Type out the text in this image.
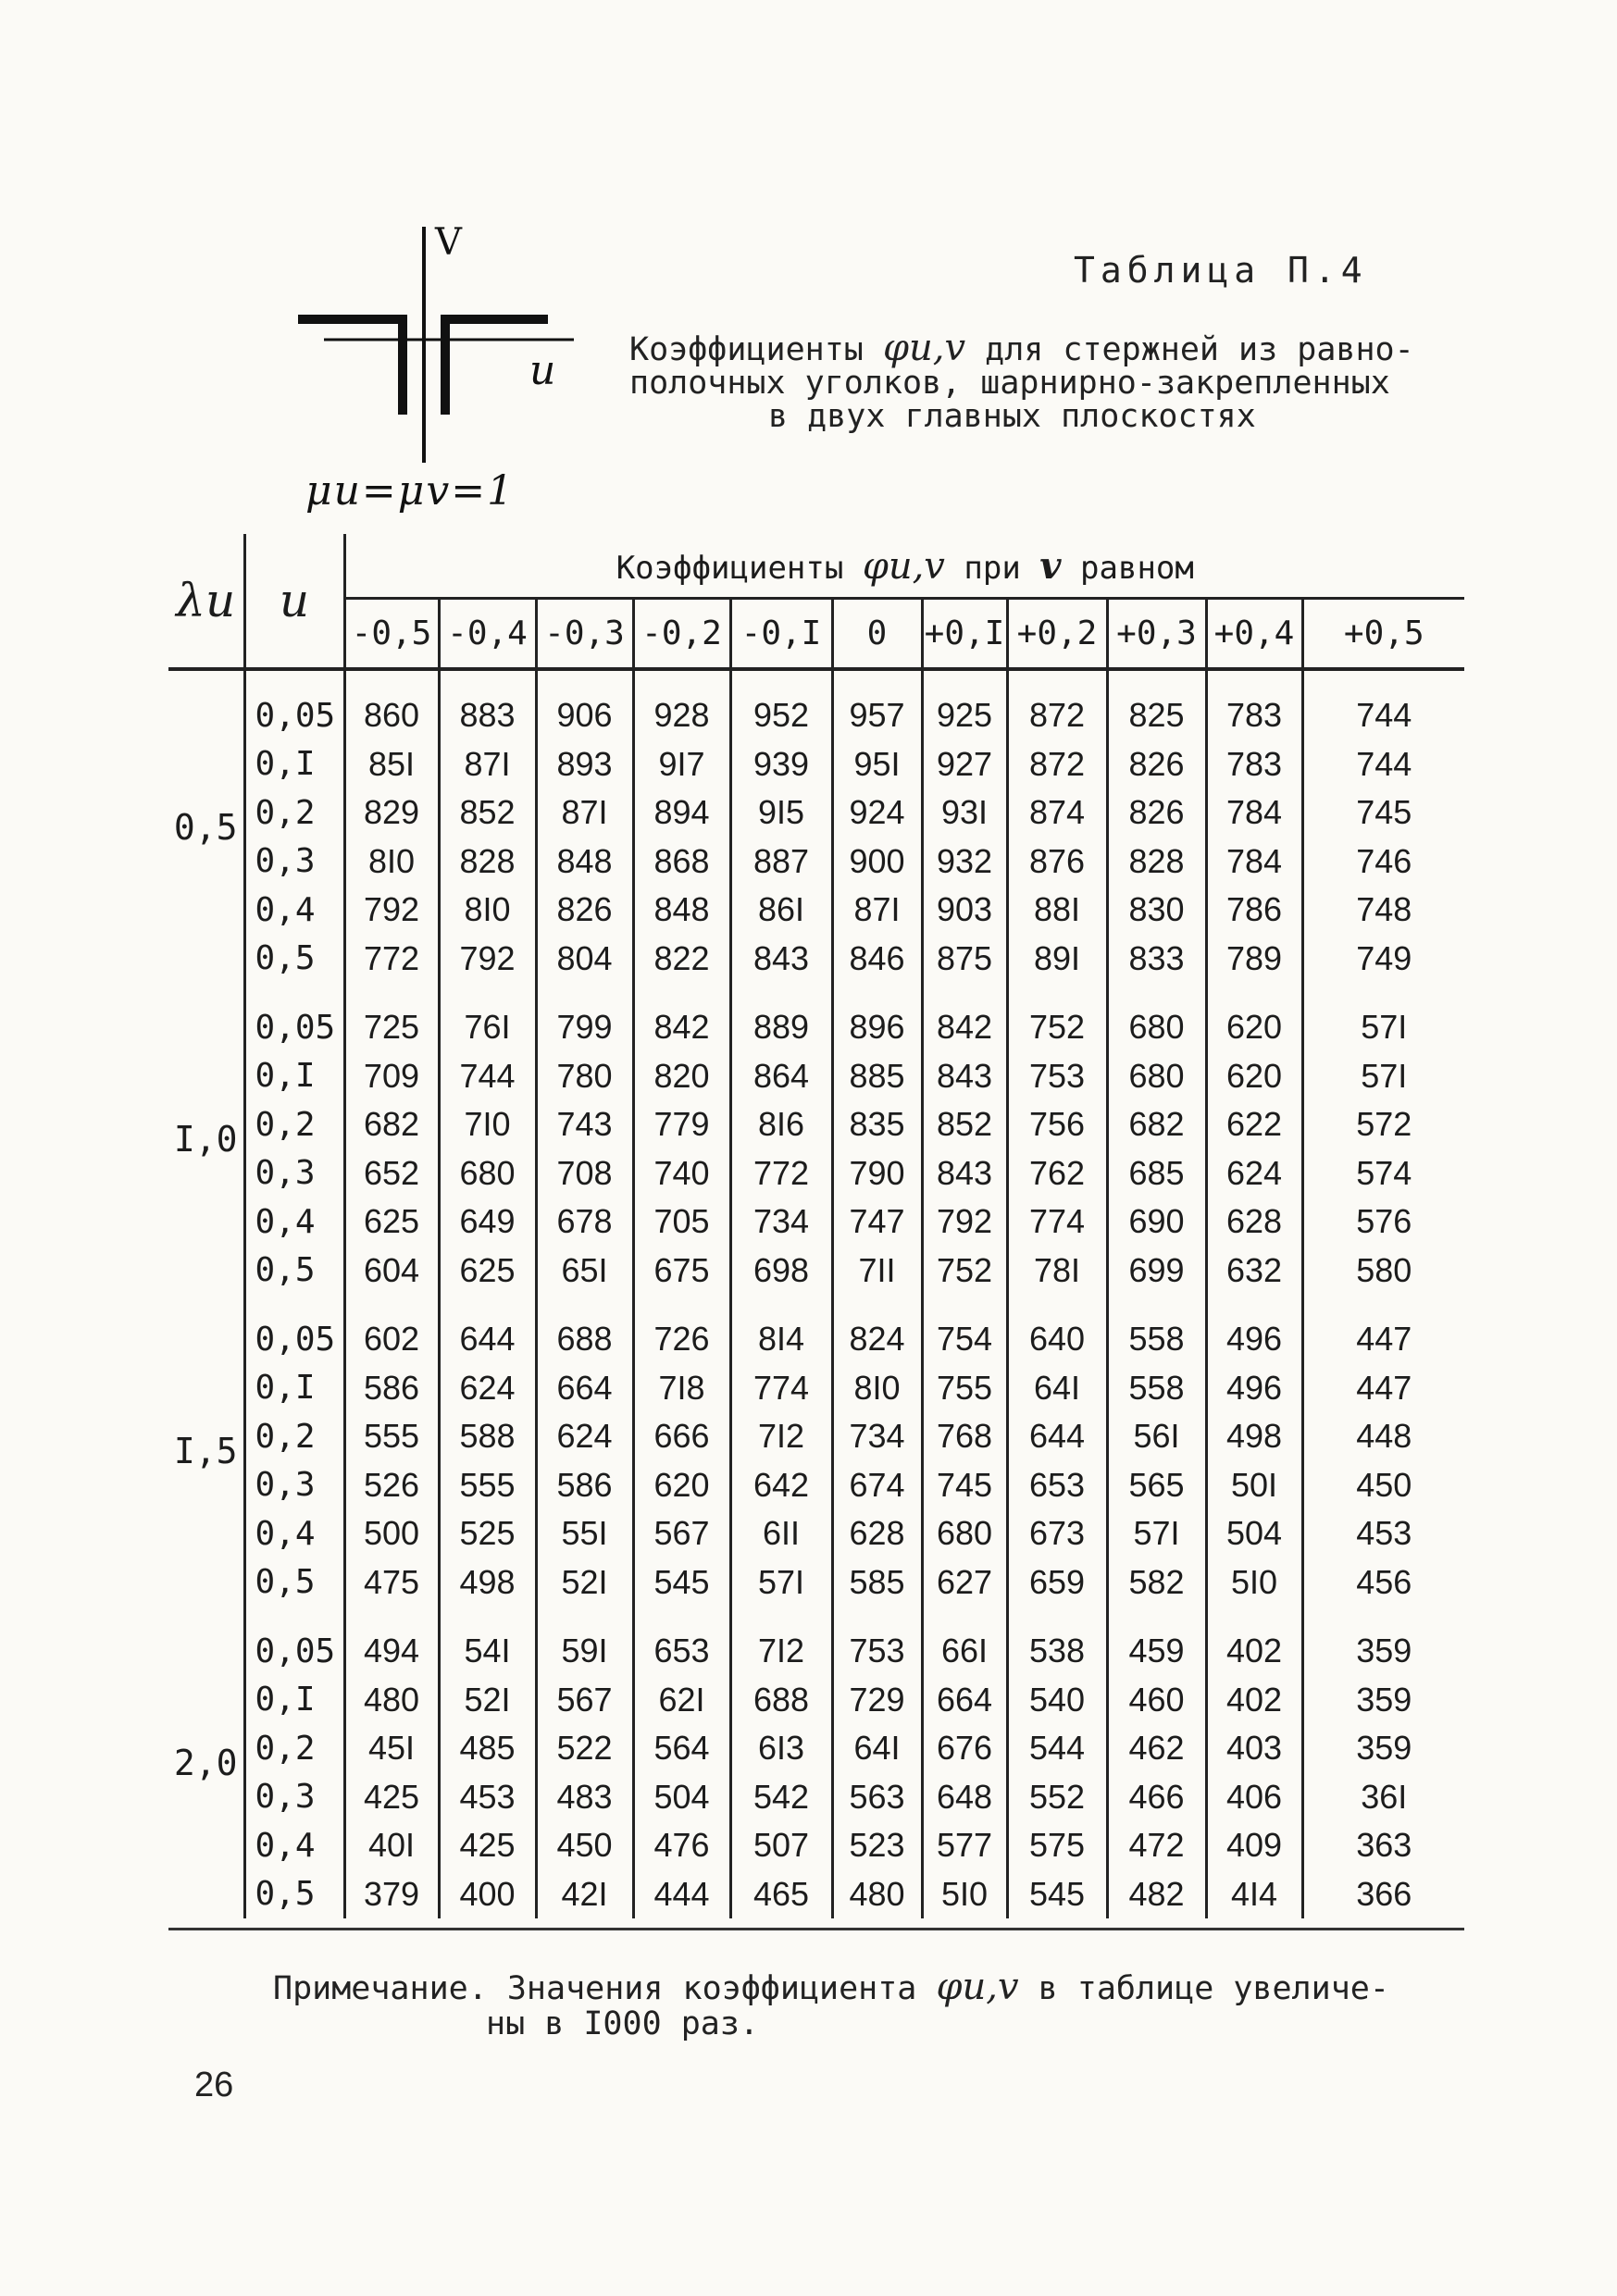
V
u
μu=μv=1
Таблица П.4
Коэффициенты φu,v для стержней из равно-
полочных уголков, шарнирно-закрепленных
в двух главных плоскостях
λu	u	Коэффициенты φu,v при v равном										
		-0,5	-0,4	-0,3	-0,2	-0,I	0	+0,I	+0,2	+0,3	+0,4	+0,5
0,5	0,05	860	883	906	928	952	957	925	872	825	783	744
	0,I	85I	87I	893	9I7	939	95I	927	872	826	783	744
	0,2	829	852	87I	894	9I5	924	93I	874	826	784	745
	0,3	8I0	828	848	868	887	900	932	876	828	784	746
	0,4	792	8I0	826	848	86I	87I	903	88I	830	786	748
	0,5	772	792	804	822	843	846	875	89I	833	789	749
I,0	0,05	725	76I	799	842	889	896	842	752	680	620	57I
	0,I	709	744	780	820	864	885	843	753	680	620	57I
	0,2	682	7I0	743	779	8I6	835	852	756	682	622	572
	0,3	652	680	708	740	772	790	843	762	685	624	574
	0,4	625	649	678	705	734	747	792	774	690	628	576
	0,5	604	625	65I	675	698	7II	752	78I	699	632	580
I,5	0,05	602	644	688	726	8I4	824	754	640	558	496	447
	0,I	586	624	664	7I8	774	8I0	755	64I	558	496	447
	0,2	555	588	624	666	7I2	734	768	644	56I	498	448
	0,3	526	555	586	620	642	674	745	653	565	50I	450
	0,4	500	525	55I	567	6II	628	680	673	57I	504	453
	0,5	475	498	52I	545	57I	585	627	659	582	5I0	456
2,0	0,05	494	54I	59I	653	7I2	753	66I	538	459	402	359
	0,I	480	52I	567	62I	688	729	664	540	460	402	359
	0,2	45I	485	522	564	6I3	64I	676	544	462	403	359
	0,3	425	453	483	504	542	563	648	552	466	406	36I
	0,4	40I	425	450	476	507	523	577	575	472	409	363
	0,5	379	400	42I	444	465	480	5I0	545	482	4I4	366

Примечание. Значения коэффициента φu,v в таблице увеличе-
ны в I000 раз.
26
